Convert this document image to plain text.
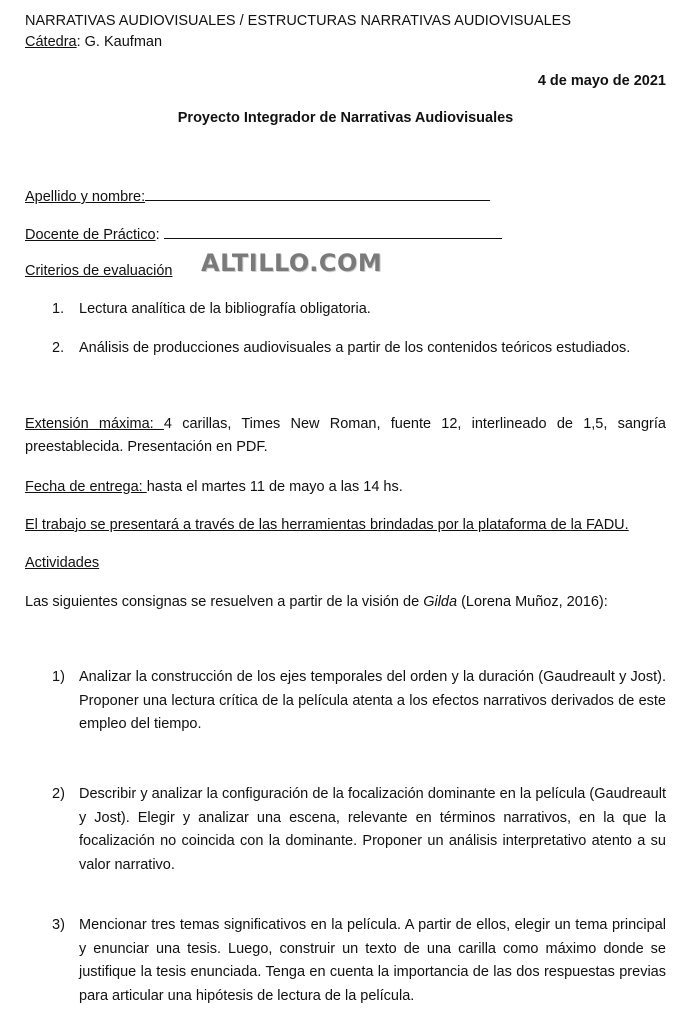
NARRATIVAS AUDIOVISUALES / ESTRUCTURAS NARRATIVAS AUDIOVISUALES
Cátedra: G. Kaufman
4 de mayo de 2021
Proyecto Integrador de Narrativas Audiovisuales
Apellido y nombre:
Docente de Práctico:
Criterios de evaluación ALTILLO.COM
1.	Lectura analítica de la bibliografía obligatoria.
2.	Análisis de producciones audiovisuales a partir de los contenidos teóricos estudiados.
Extensión máxima: 4 carillas, Times New Roman, fuente 12, interlineado de 1,5, sangría preestablecida. Presentación en PDF.
Fecha de entrega: hasta el martes 11 de mayo a las 14 hs.
El trabajo se presentará a través de las herramientas brindadas por la plataforma de la FADU.
Actividades
Las siguientes consignas se resuelven a partir de la visión de Gilda (Lorena Muñoz, 2016):
1) Analizar la construcción de los ejes temporales del orden y la duración (Gaudreault y Jost). Proponer una lectura crítica de la película atenta a los efectos narrativos derivados de este empleo del tiempo.
2) Describir y analizar la configuración de la focalización dominante en la película (Gaudreault y Jost). Elegir y analizar una escena, relevante en términos narrativos, en la que la focalización no coincida con la dominante. Proponer un análisis interpretativo atento a su valor narrativo.
3) Mencionar tres temas significativos en la película. A partir de ellos, elegir un tema principal y enunciar una tesis. Luego, construir un texto de una carilla como máximo donde se justifique la tesis enunciada. Tenga en cuenta la importancia de las dos respuestas previas para articular una hipótesis de lectura de la película.
